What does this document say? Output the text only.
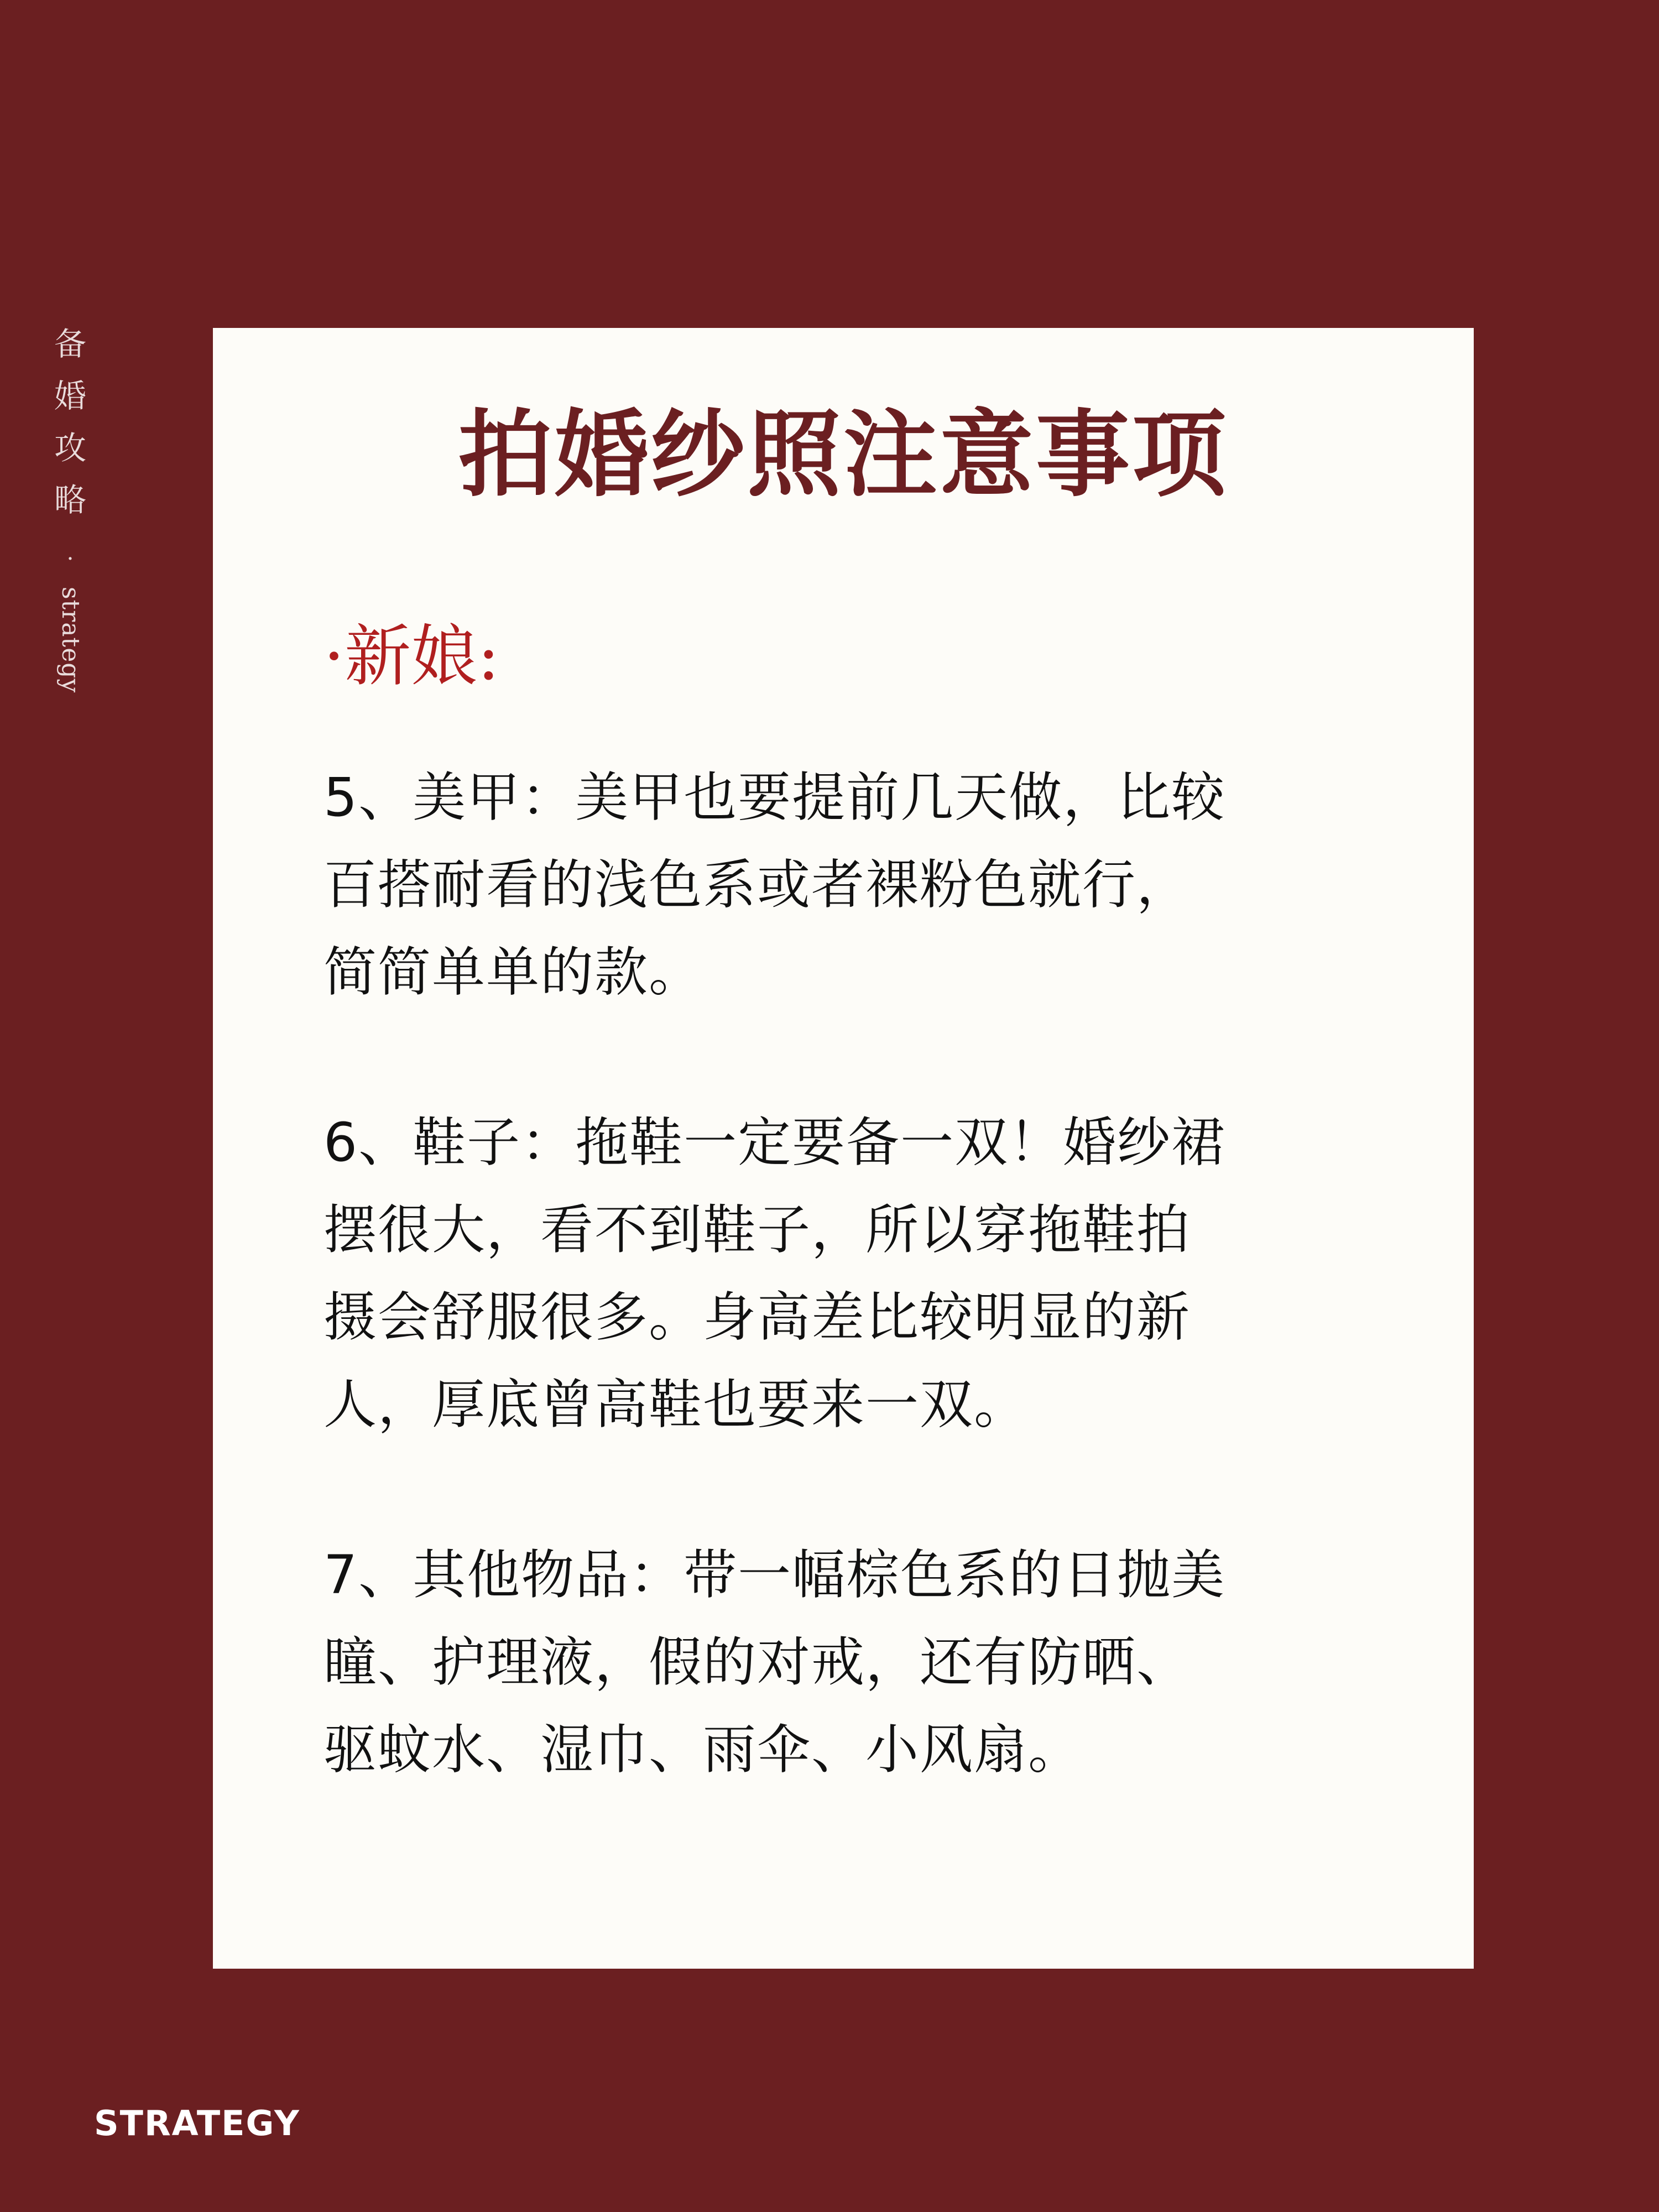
备
婚
攻
略
·
strategy
拍婚纱照注意事项
·新娘:

5、美甲：美甲也要提前几天做，比较
百搭耐看的浅色系或者裸粉色就行，
简简单单的款。

6、鞋子：拖鞋一定要备一双！婚纱裙
摆很大，看不到鞋子，所以穿拖鞋拍
摄会舒服很多。身高差比较明显的新
人，厚底曾高鞋也要来一双。

7、其他物品：带一幅棕色系的日抛美
瞳、护理液，假的对戒，还有防晒、
驱蚊水、湿巾、雨伞、小风扇。

STRATEGY
